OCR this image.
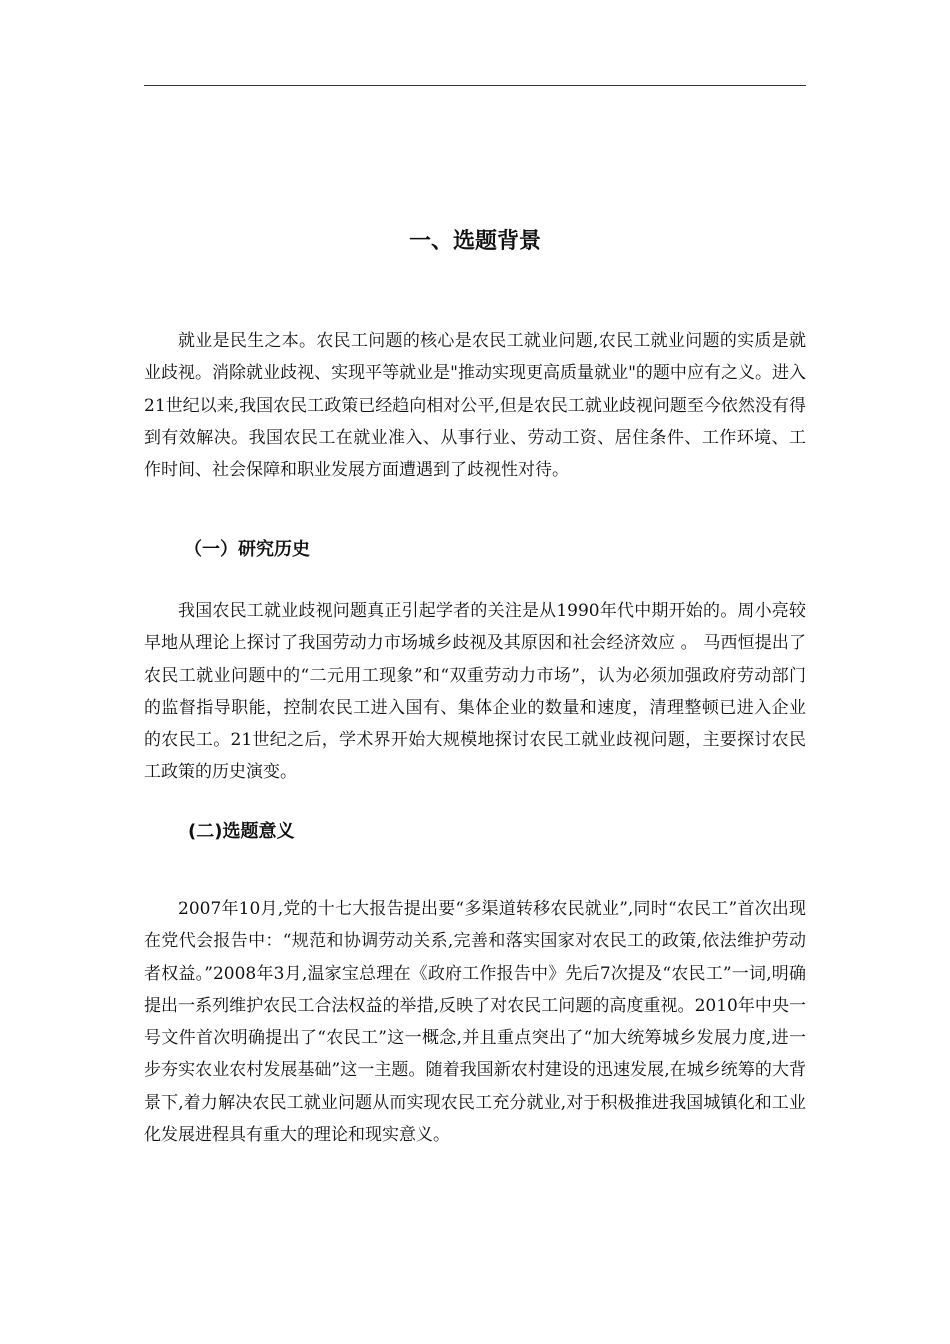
一、选题背景

就业是民生之本。农民工问题的核心是农民工就业问题,农民工就业问题的实质是就业歧视。消除就业歧视、实现平等就业是"推动实现更高质量就业"的题中应有之义。进入21世纪以来,我国农民工政策已经趋向相对公平,但是农民工就业歧视问题至今依然没有得到有效解决。我国农民工在就业准入、从事行业、劳动工资、居住条件、工作环境、工作时间、社会保障和职业发展方面遭遇到了歧视性对待。

（一）研究历史

我国农民工就业歧视问题真正引起学者的关注是从1990年代中期开始的。周小亮较早地从理论上探讨了我国劳动力市场城乡歧视及其原因和社会经济效应 。 马西恒提出了农民工就业问题中的“二元用工现象”和“双重劳动力市场”，认为必须加强政府劳动部门的监督指导职能，控制农民工进入国有、集体企业的数量和速度，清理整顿已进入企业的农民工。21世纪之后，学术界开始大规模地探讨农民工就业歧视问题，主要探讨农民工政策的历史演变。

(二)选题意义

2007年10月,党的十七大报告提出要“多渠道转移农民就业”,同时“农民工”首次出现在党代会报告中：“规范和协调劳动关系,完善和落实国家对农民工的政策,依法维护劳动者权益。”2008年3月,温家宝总理在《政府工作报告中》先后7次提及“农民工”一词,明确提出一系列维护农民工合法权益的举措,反映了对农民工问题的高度重视。2010年中央一号文件首次明确提出了“农民工”这一概念,并且重点突出了“加大统筹城乡发展力度,进一步夯实农业农村发展基础”这一主题。随着我国新农村建设的迅速发展,在城乡统筹的大背景下,着力解决农民工就业问题从而实现农民工充分就业,对于积极推进我国城镇化和工业化发展进程具有重大的理论和现实意义。
